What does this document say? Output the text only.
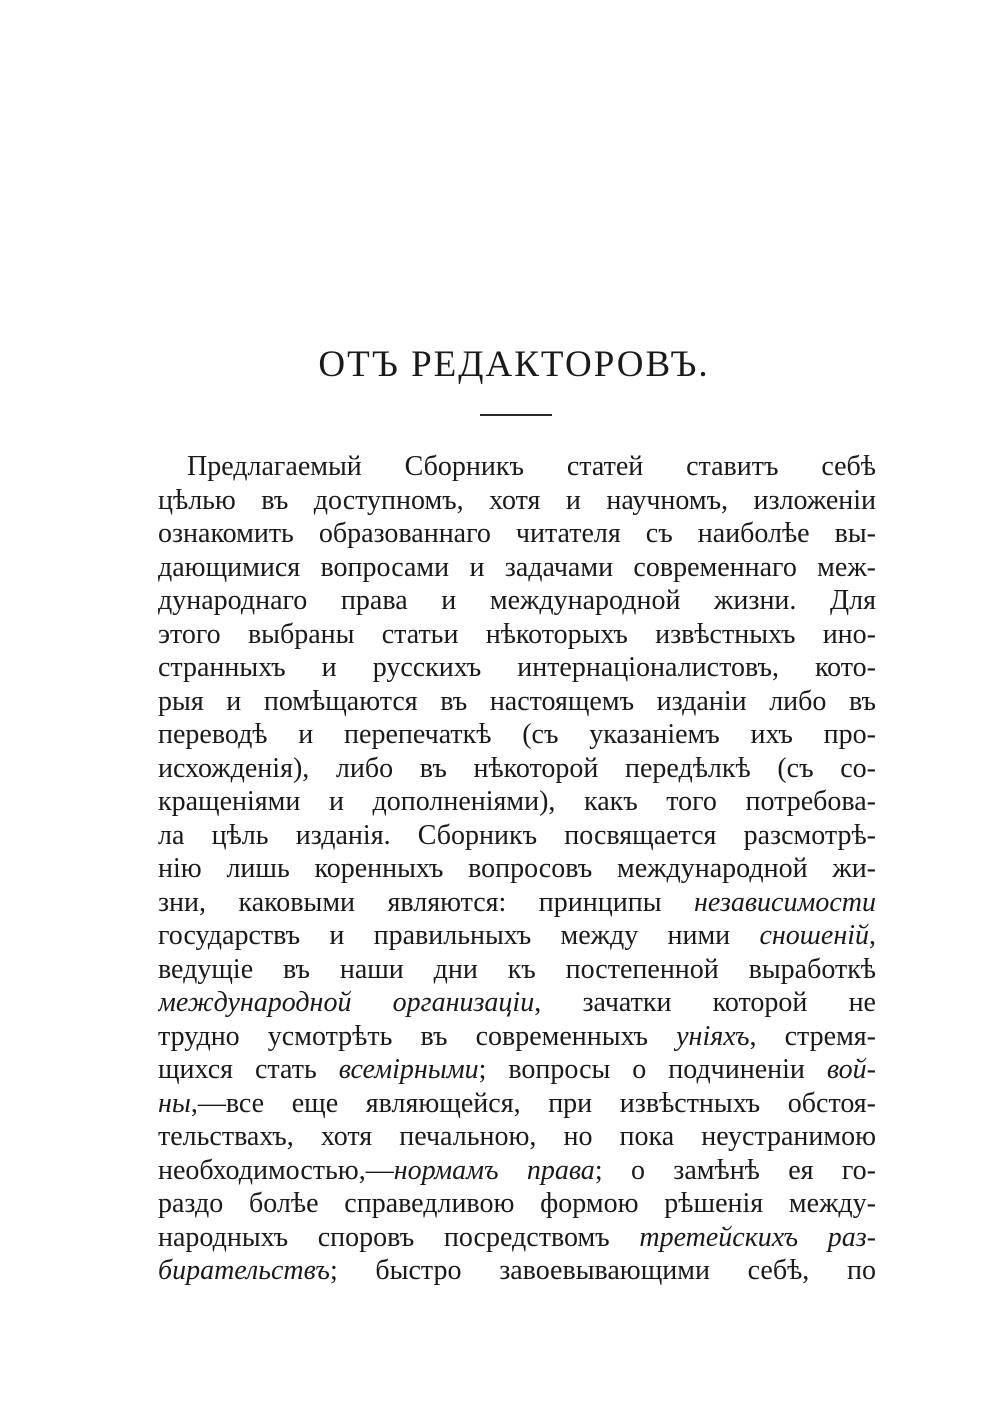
ОТЪ РЕДАКТОРОВЪ.
Предлагаемый Сборникъ статей ставитъ себѣ
цѣлью въ доступномъ, хотя и научномъ, изложеніи
ознакомить образованнаго читателя съ наиболѣе вы-
дающимися вопросами и задачами современнаго меж-
дународнаго права и международной жизни. Для
этого выбраны статьи нѣкоторыхъ извѣстныхъ ино-
странныхъ и русскихъ интернаціоналистовъ, кото-
рыя и помѣщаются въ настоящемъ изданіи либо въ
переводѣ и перепечаткѣ (съ указаніемъ ихъ про-
исхожденія), либо въ нѣкоторой передѣлкѣ (съ со-
кращеніями и дополненіями), какъ того потребова-
ла цѣль изданія. Сборникъ посвящается разсмотрѣ-
нію лишь коренныхъ вопросовъ международной жи-
зни, каковыми являются: принципы независимости
государствъ и правильныхъ между ними сношеній,
ведущіе въ наши дни къ постепенной выработкѣ
международной организаціи, зачатки которой не
трудно усмотрѣть въ современныхъ уніяхъ, стремя-
щихся стать всемірными; вопросы о подчиненіи вой-
ны,—все еще являющейся, при извѣстныхъ обстоя-
тельствахъ, хотя печальною, но пока неустранимою
необходимостью,—нормамъ права; о замѣнѣ ея го-
раздо болѣе справедливою формою рѣшенія между-
народныхъ споровъ посредствомъ третейскихъ раз-
бирательствъ; быстро завоевывающими себѣ, по
